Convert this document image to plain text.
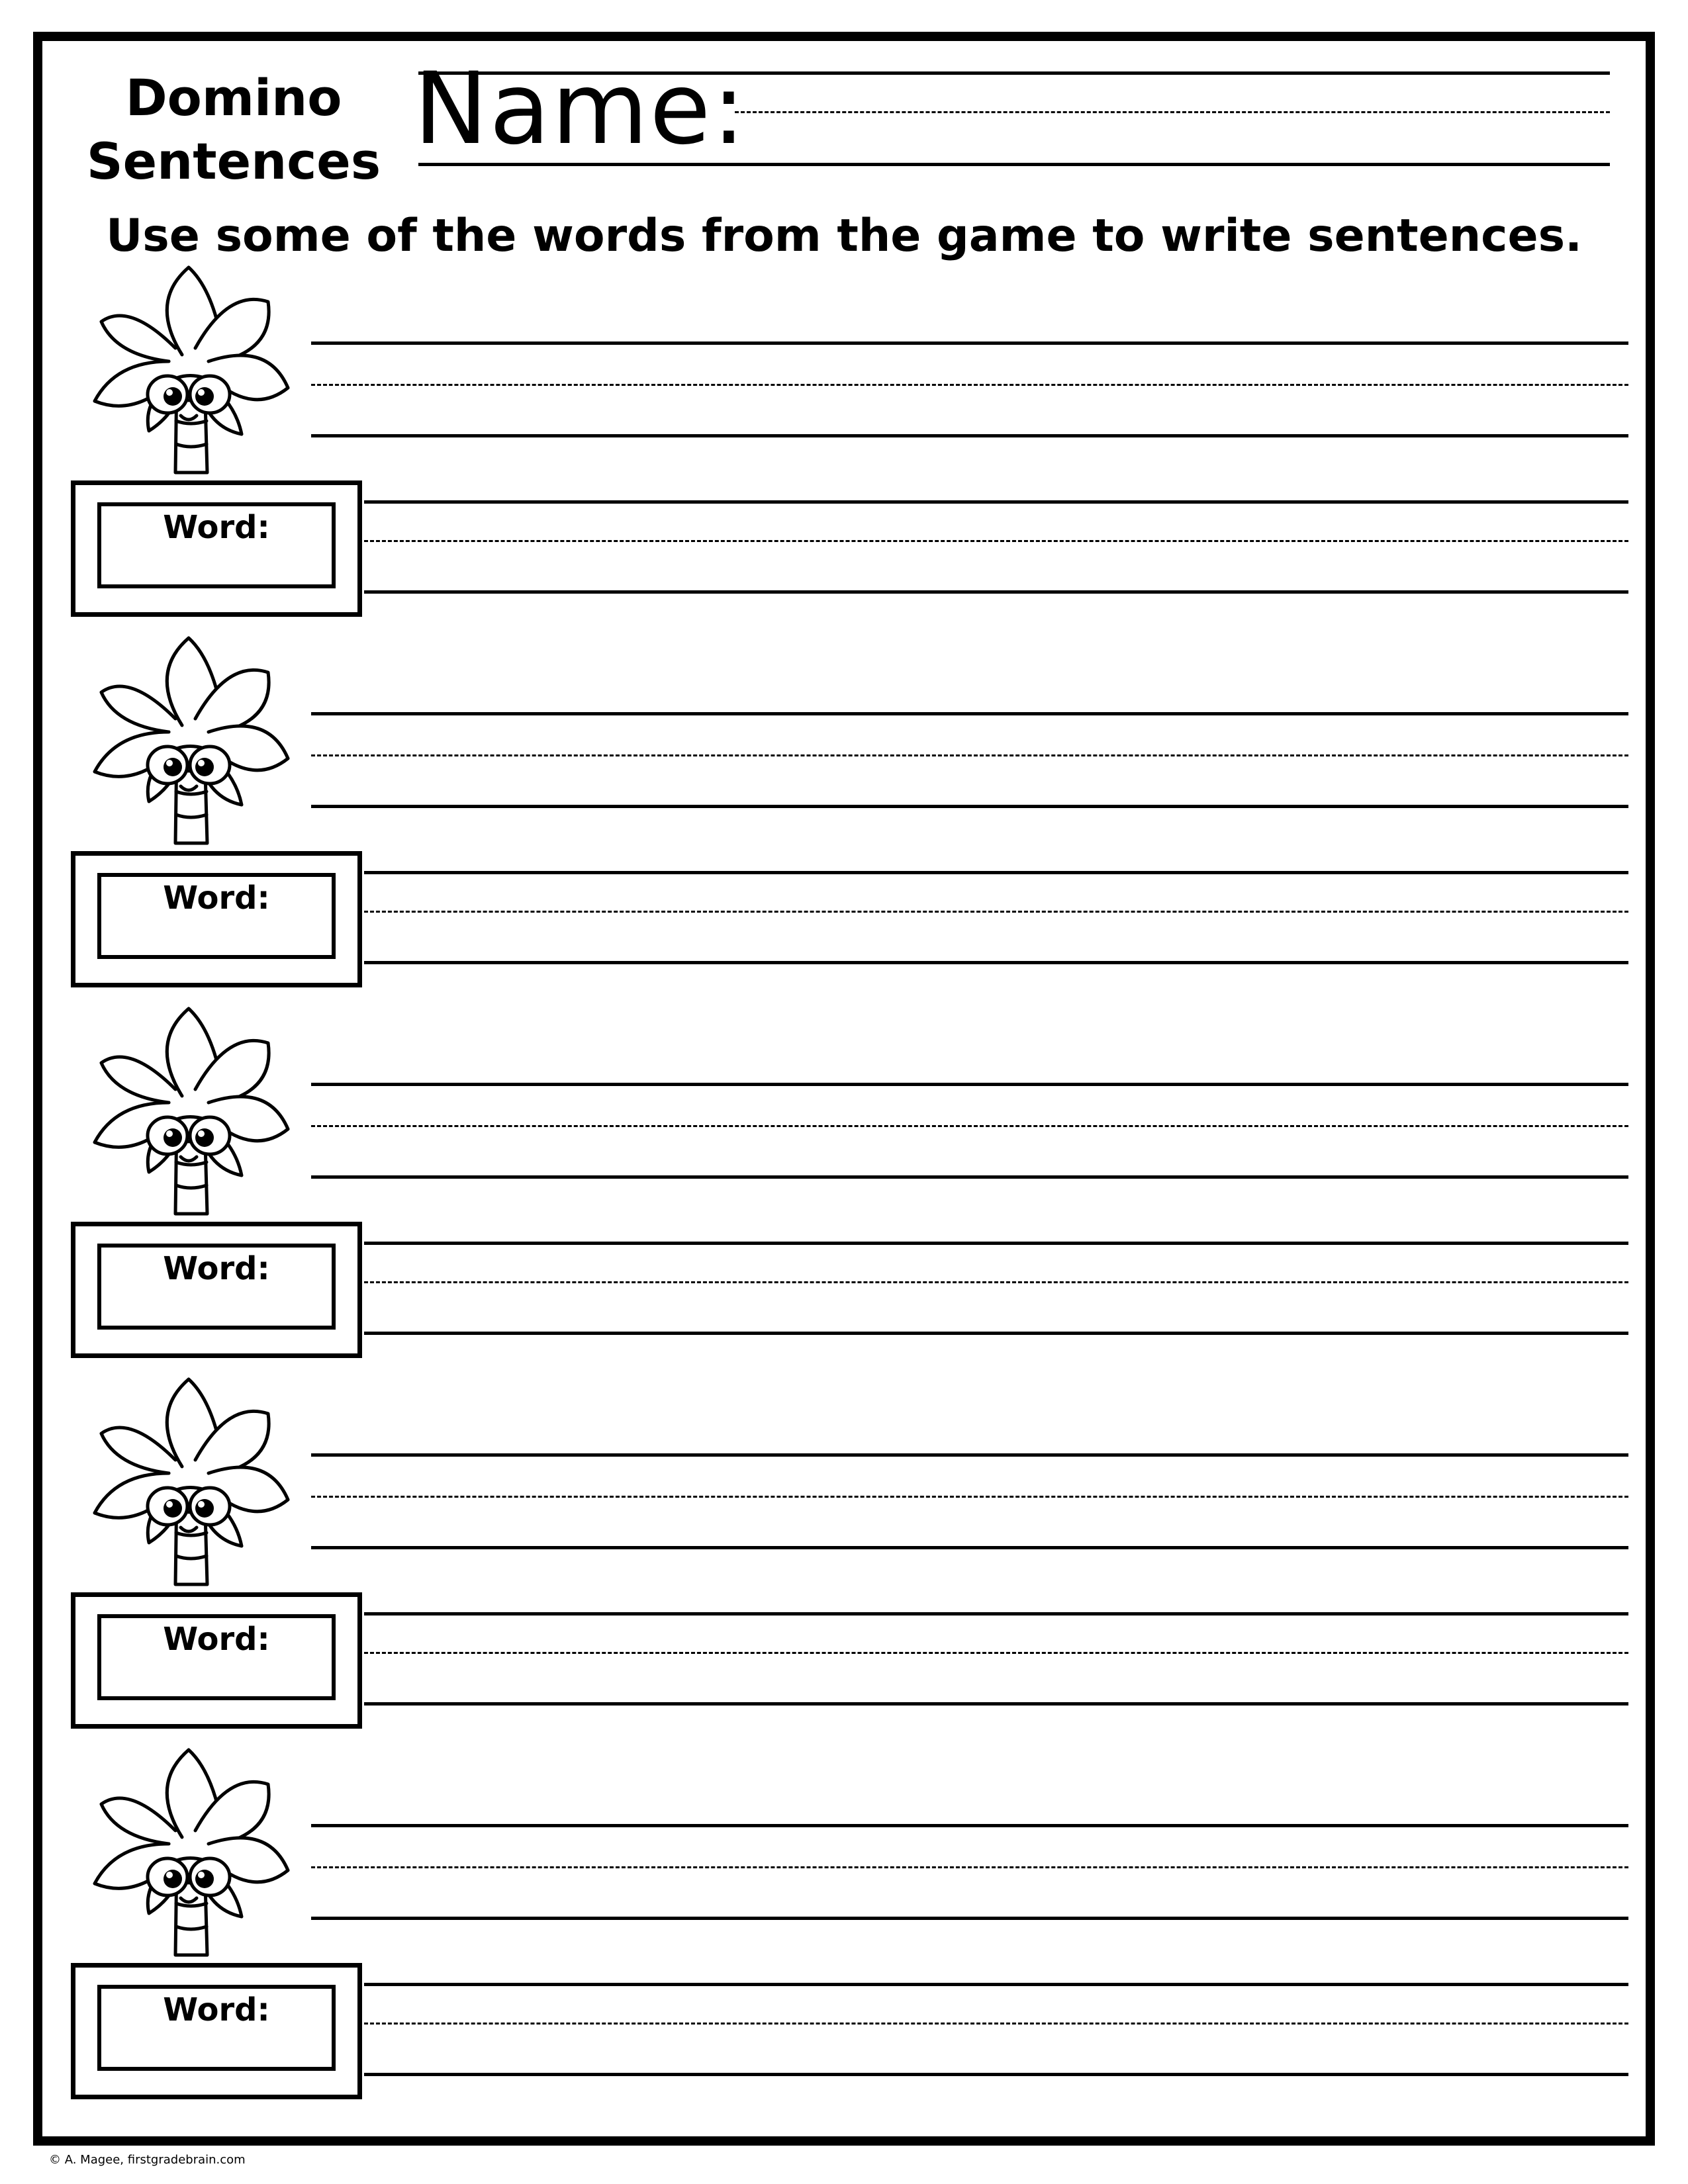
Domino
Sentences Name:
Use some of the words from the game to write sentences.
Word:
Word:
Word:
Word:
Word:
© A. Magee, firstgradebrain.com
